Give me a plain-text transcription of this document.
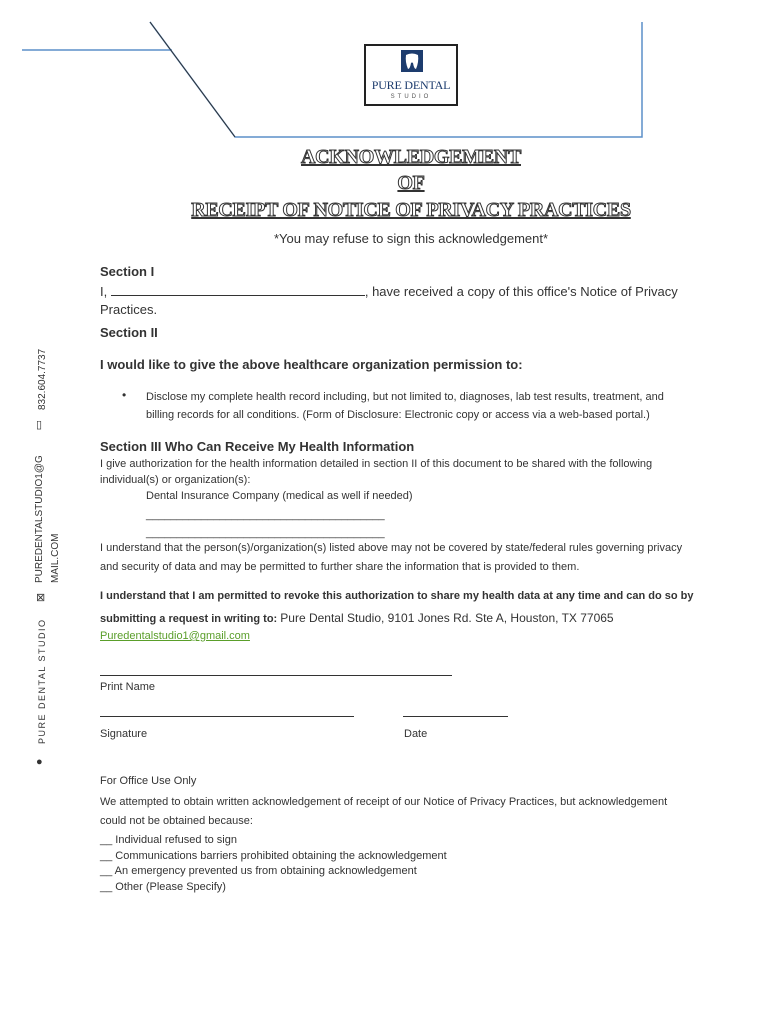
PURE DENTAL
STUDIO
ACKNOWLEDGEMENT
OF
RECEIPT OF NOTICE OF PRIVACY PRACTICES
*You may refuse to sign this acknowledgement*
Section I
I,	, have received a copy of this office's Notice of Privacy
Practices.
Section II
I would like to give the above healthcare organization permission to:
• Disclose my complete health record including, but not limited to, diagnoses, lab test results, treatment, and
billing records for all conditions. (Form of Disclosure: Electronic copy or access via a web-based portal.)
Section III Who Can Receive My Health Information
I give authorization for the health information detailed in section II of this document to be shared with the following
individual(s) or organization(s):
Dental Insurance Company (medical as well if needed)
_______________________________________
_______________________________________
I understand that the person(s)/organization(s) listed above may not be covered by state/federal rules governing privacy
and security of data and may be permitted to further share the information that is provided to them.
I understand that I am permitted to revoke this authorization to share my health data at any time and can do so by
submitting a request in writing to: Pure Dental Studio, 9101 Jones Rd. Ste A, Houston, TX 77065
Puredentalstudio1@gmail.com
Print Name
Signature	Date
For Office Use Only
We attempted to obtain written acknowledgement of receipt of our Notice of Privacy Practices, but acknowledgement
could not be obtained because:
__ Individual refused to sign
__ Communications barriers prohibited obtaining the acknowledgement
__ An emergency prevented us from obtaining acknowledgement
__ Other (Please Specify)
832.604.7737
▯
PUREDENTALSTUDIO1@G MAIL.COM
⊠
PURE DENTAL STUDIO
●
